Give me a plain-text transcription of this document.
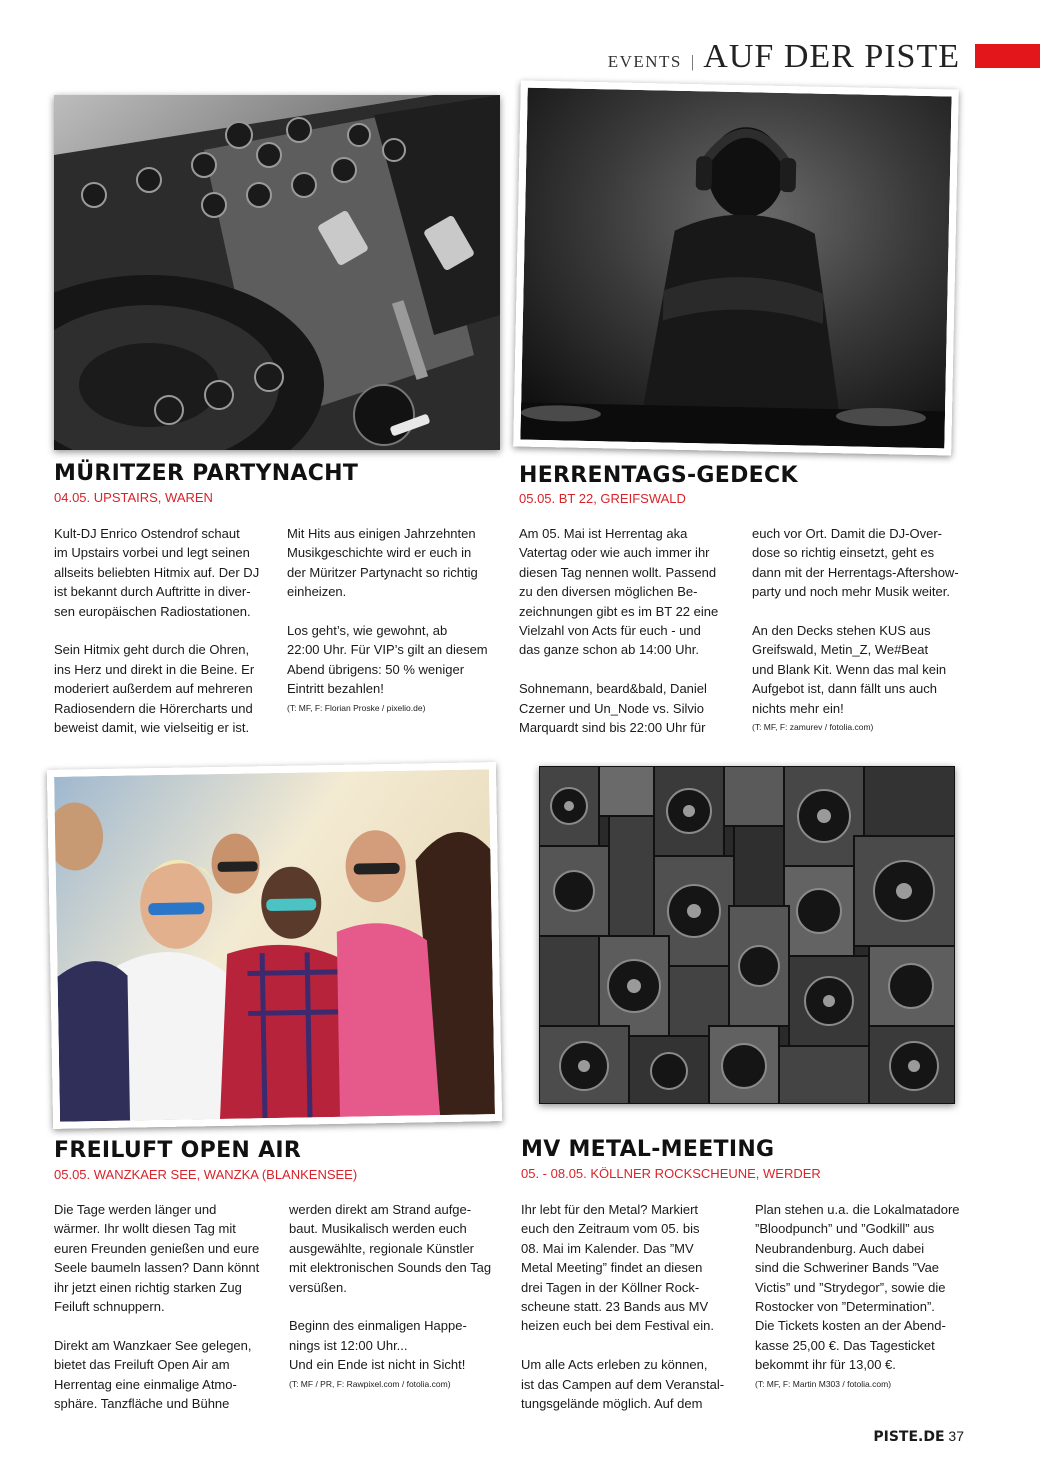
EVENTS | AUF DER PISTE
MÜRITZER PARTYNACHT

04.05. UPSTAIRS, WAREN

Kult-DJ Enrico Ostendrof schaut

im Upstairs vorbei und legt seinen

allseits beliebten Hitmix auf. Der DJ

ist bekannt durch Auftritte in diver-

sen europäischen Radiostationen.

Sein Hitmix geht durch die Ohren,

ins Herz und direkt in die Beine. Er

moderiert außerdem auf mehreren

Radiosendern die Hörercharts und

beweist damit, wie vielseitig er ist.

Mit Hits aus einigen Jahrzehnten

Musikgeschichte wird er euch in

der Müritzer Partynacht so richtig

einheizen.

Los geht’s, wie gewohnt, ab

22:00 Uhr. Für VIP’s gilt an diesem

Abend übrigens: 50 % weniger

Eintritt bezahlen!

(T: MF, F: Florian Proske / pixelio.de)

HERRENTAGS-GEDECK

05.05. BT 22, GREIFSWALD

Am 05. Mai ist Herrentag aka

Vatertag oder wie auch immer ihr

diesen Tag nennen wollt. Passend

zu den diversen möglichen Be-

zeichnungen gibt es im BT 22 eine

Vielzahl von Acts für euch - und

das ganze schon ab 14:00 Uhr.

Sohnemann, beard&bald, Daniel

Czerner und Un_Node vs. Silvio

Marquardt sind bis 22:00 Uhr für

euch vor Ort. Damit die DJ-Over-

dose so richtig einsetzt, geht es

dann mit der Herrentags-Aftershow-

party und noch mehr Musik weiter.

An den Decks stehen KUS aus

Greifswald, Metin_Z, We#Beat

und Blank Kit. Wenn das mal kein

Aufgebot ist, dann fällt uns auch

nichts mehr ein!

(T: MF, F: zamurev / fotolia.com)

FREILUFT OPEN AIR

05.05. WANZKAER SEE, WANZKA (BLANKENSEE)

Die Tage werden länger und

wärmer. Ihr wollt diesen Tag mit

euren Freunden genießen und eure

Seele baumeln lassen? Dann könnt

ihr jetzt einen richtig starken Zug

Feiluft schnuppern.

Direkt am Wanzkaer See gelegen,

bietet das Freiluft Open Air am

Herrentag eine einmalige Atmo-

sphäre. Tanzfläche und Bühne

werden direkt am Strand aufge-

baut. Musikalisch werden euch

ausgewählte, regionale Künstler

mit elektronischen Sounds den Tag

versüßen.

Beginn des einmaligen Happe-

nings ist 12:00 Uhr...

Und ein Ende ist nicht in Sicht!

(T: MF / PR, F: Rawpixel.com / fotolia.com)

MV METAL-MEETING

05. - 08.05. KÖLLNER ROCKSCHEUNE, WERDER

Ihr lebt für den Metal? Markiert

euch den Zeitraum vom 05. bis

08. Mai im Kalender. Das ”MV

Metal Meeting” findet an diesen

drei Tagen in der Köllner Rock-

scheune statt. 23 Bands aus MV

heizen euch bei dem Festival ein.

Um alle Acts erleben zu können,

ist das Campen auf dem Veranstal-

tungsgelände möglich. Auf dem

Plan stehen u.a. die Lokalmatadore

”Bloodpunch” und ”Godkill” aus

Neubrandenburg. Auch dabei

sind die Schweriner Bands ”Vae

Victis” und ”Strydegor”, sowie die

Rostocker von ”Determination”.

Die Tickets kosten an der Abend-

kasse 25,00 €. Das Tagesticket

bekommt ihr für 13,00 €.

(T: MF, F: Martin M303 / fotolia.com)

PISTE.DE 37
